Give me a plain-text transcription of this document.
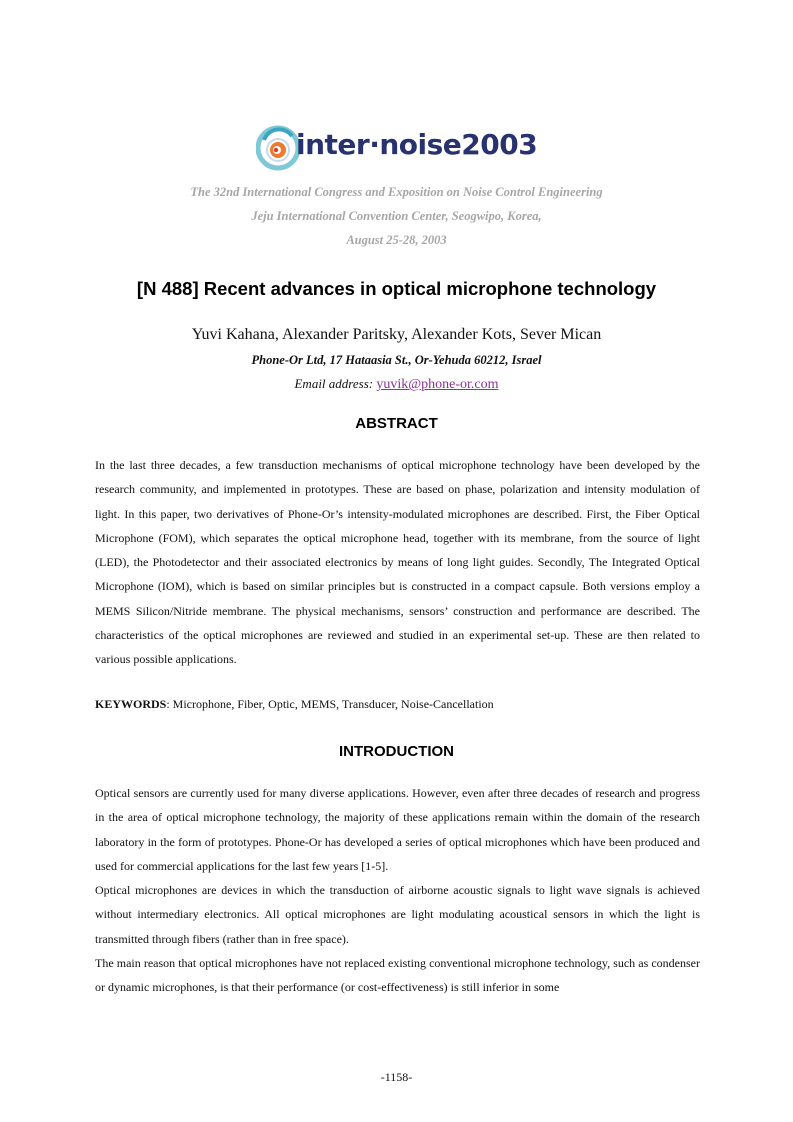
inter·noise2003
The 32nd International Congress and Exposition on Noise Control Engineering
Jeju International Convention Center, Seogwipo, Korea,
August 25-28, 2003
[N 488] Recent advances in optical microphone technology
Yuvi Kahana, Alexander Paritsky, Alexander Kots, Sever Mican
Phone-Or Ltd, 17 Hataasia St., Or-Yehuda 60212, Israel
Email address: yuvik@phone-or.com
ABSTRACT

In the last three decades, a few transduction mechanisms of optical microphone technology have been developed by the research community, and implemented in prototypes. These are based on phase, polarization and intensity modulation of light. In this paper, two derivatives of Phone-Or’s intensity-modulated microphones are described. First, the Fiber Optical Microphone (FOM), which separates the optical microphone head, together with its membrane, from the source of light (LED), the Photodetector and their associated electronics by means of long light guides. Secondly, The Integrated Optical Microphone (IOM), which is based on similar principles but is constructed in a compact capsule. Both versions employ a MEMS Silicon/Nitride membrane. The physical mechanisms, sensors’ construction and performance are described. The characteristics of the optical microphones are reviewed and studied in an experimental set-up. These are then related to various possible applications.

KEYWORDS: Microphone, Fiber, Optic, MEMS, Transducer, Noise-Cancellation

INTRODUCTION

Optical sensors are currently used for many diverse applications. However, even after three decades of research and progress in the area of optical microphone technology, the majority of these applications remain within the domain of the research laboratory in the form of prototypes. Phone-Or has developed a series of optical microphones which have been produced and used for commercial applications for the last few years [1-5].

Optical microphones are devices in which the transduction of airborne acoustic signals to light wave signals is achieved without intermediary electronics. All optical microphones are light modulating acoustical sensors in which the light is transmitted through fibers (rather than in free space).

The main reason that optical microphones have not replaced existing conventional microphone technology, such as condenser or dynamic microphones, is that their performance (or cost-effectiveness) is still inferior in some

-1158-
